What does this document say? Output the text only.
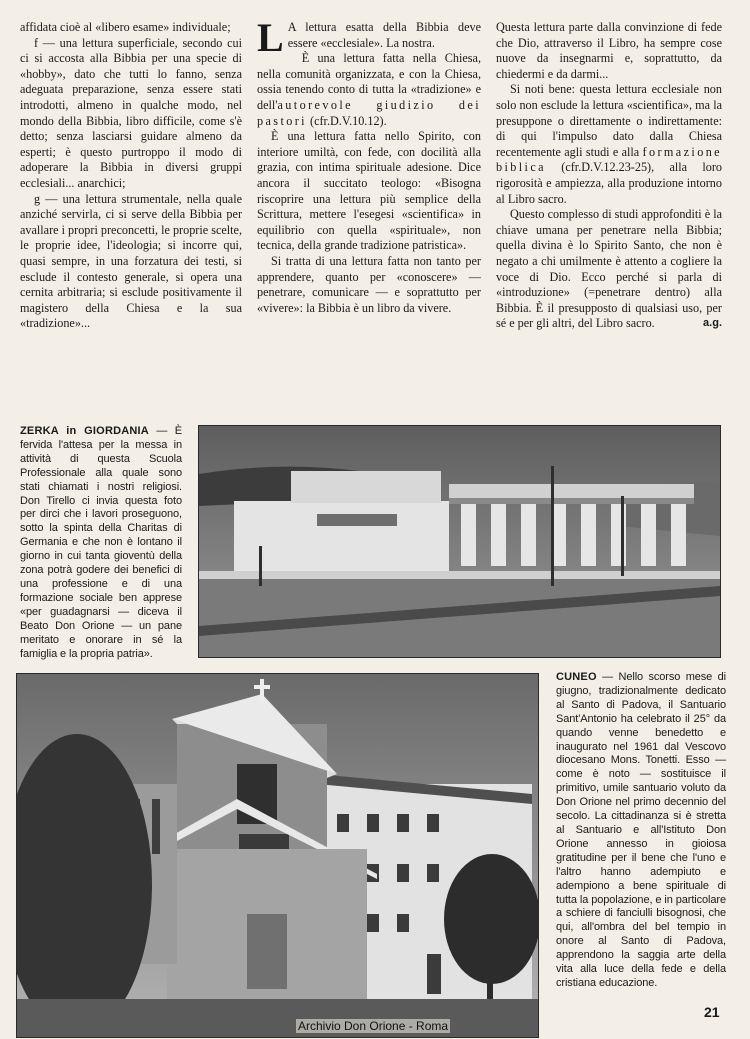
affidata cioè al «libero esame» individuale;

f — una lettura superficiale, secondo cui ci si accosta alla Bibbia per una specie di «hobby», dato che tutti lo fanno, senza adeguata preparazione, senza essere stati introdotti, almeno in qualche modo, nel mondo della Bibbia, libro difficile, come s'è detto; senza lasciarsi guidare almeno da esperti; è questo purtroppo il modo di adoperare la Bibbia in diversi gruppi ecclesiali... anarchici;

g — una lettura strumentale, nella quale anziché servirla, ci si serve della Bibbia per avallare i propri preconcetti, le proprie scelte, le proprie idee, l'ideologia; si incorre qui, quasi sempre, in una forzatura dei testi, si esclude il contesto generale, si opera una cernita arbitraria; si esclude positivamente il magistero della Chiesa e la sua «tradizione»...

L A lettura esatta della Bibbia deve essere «ecclesiale». La nostra.

È una lettura fatta nella Chiesa, nella comunità organizzata, e con la Chiesa, ossia tenendo conto di tutta la «tradizione» e dell'autorevole giudizio dei pastori (cfr.D.V.10.12).

È una lettura fatta nello Spirito, con interiore umiltà, con fede, con docilità alla grazia, con intima spirituale adesione. Dice ancora il succitato teologo: «Bisogna riscoprire una lettura più semplice della Scrittura, mettere l'esegesi «scientifica» in equilibrio con quella «spirituale», non tecnica, della grande tradizione patristica».

Si tratta di una lettura fatta non tanto per apprendere, quanto per «conoscere» — penetrare, comunicare — e soprattutto per «vivere»: la Bibbia è un libro da vivere.

Questa lettura parte dalla convinzione di fede che Dio, attraverso il Libro, ha sempre cose nuove da insegnarmi e, soprattutto, da chiedermi e da darmi...

Si noti bene: questa lettura ecclesiale non solo non esclude la lettura «scientifica», ma la presuppone o direttamente o indirettamente: di qui l'impulso dato dalla Chiesa recentemente agli studi e alla formazione biblica (cfr.D.V.12.23-25), alla loro rigorosità e ampiezza, alla produzione intorno al Libro sacro.

Questo complesso di studi approfonditi è la chiave umana per penetrare nella Bibbia; quella divina è lo Spirito Santo, che non è negato a chi umilmente è attento a cogliere la voce di Dio. Ecco perché si parla di «introduzione» (=penetrare dentro) alla Bibbia. È il presupposto di qualsiasi uso, per sé e per gli altri, del Libro sacro.	a.g.

ZERKA in GIORDANIA — È fervida l'attesa per la messa in attività di questa Scuola Professionale alla quale sono stati chiamati i nostri religiosi. Don Tirello ci invia questa foto per dirci che i lavori proseguono, sotto la spinta della Charitas di Germania e che non è lontano il giorno in cui tanta gioventù della zona potrà godere dei benefici di una professione e di una formazione sociale ben apprese «per guadagnarsi — diceva il Beato Don Orione — un pane meritato e onorare in sé la famiglia e la propria patria».
CUNEO — Nello scorso mese di giugno, tradizionalmente dedicato al Santo di Padova, il Santuario Sant'Antonio ha celebrato il 25° da quando venne benedetto e inaugurato nel 1961 dal Vescovo diocesano Mons. Tonetti. Esso — come è noto — sostituisce il primitivo, umile santuario voluto da Don Orione nel primo decennio del secolo. La cittadinanza si è stretta al Santuario e all'Istituto Don Orione annesso in gioiosa gratitudine per il bene che l'uno e l'altro hanno adempiuto e adempiono a bene spirituale di tutta la popolazione, e in particolare a schiere di fanciulli bisognosi, che qui, all'ombra del bel tempio in onore al Santo di Padova, apprendono la saggia arte della vita alla luce della fede e della cristiana educazione.
Archivio Don Orione - Roma
21
